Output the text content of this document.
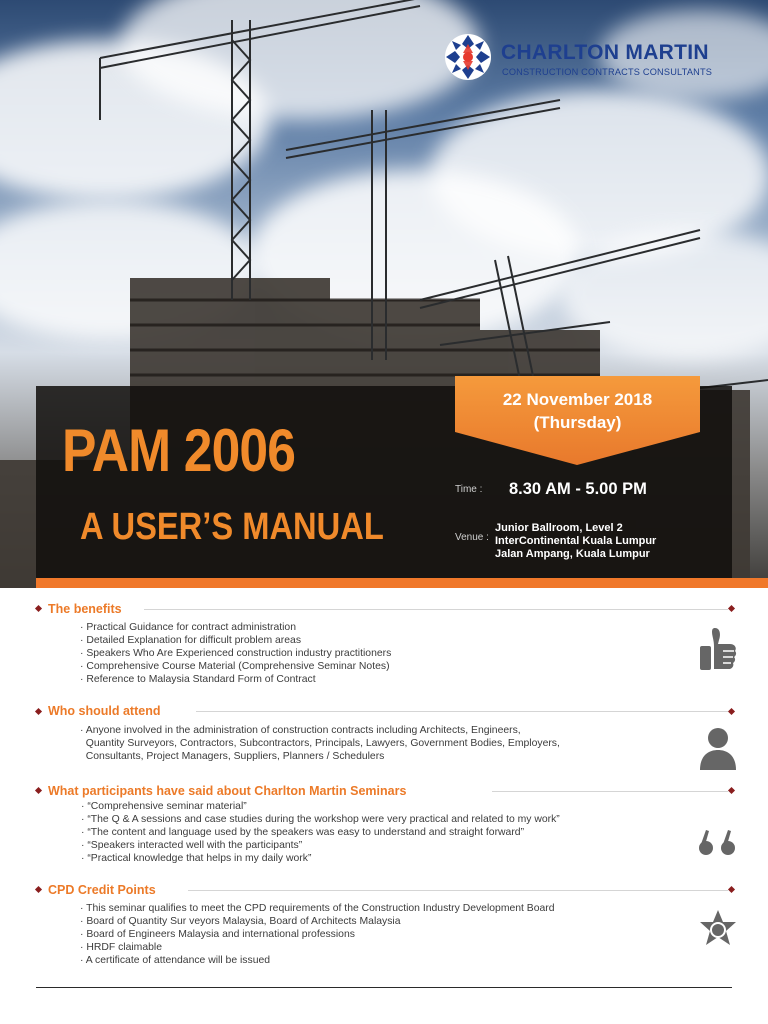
CHARLTON MARTIN
CONSTRUCTION CONTRACTS CONSULTANTS
PAM 2006
A USER’S MANUAL
22 November 2018
(Thursday)
Time : 8.30 AM - 5.00 PM
Venue :
Junior Ballroom, Level 2
InterContinental Kuala Lumpur
Jalan Ampang, Kuala Lumpur
The benefits
· Practical Guidance for contract administration
· Detailed Explanation for difficult problem areas
· Speakers Who Are Experienced construction industry practitioners
· Comprehensive Course Material (Comprehensive Seminar Notes)
· Reference to Malaysia Standard Form of Contract
Who should attend
· Anyone involved in the administration of construction contracts including Architects, Engineers,
Quantity Surveyors, Contractors, Subcontractors, Principals, Lawyers, Government Bodies, Employers,
Consultants, Project Managers, Suppliers, Planners / Schedulers
What participants have said about Charlton Martin Seminars
· “Comprehensive seminar material”
· “The Q & A sessions and case studies during the workshop were very practical and related to my work”
· “The content and language used by the speakers was easy to understand and straight forward”
· “Speakers interacted well with the participants”
· “Practical knowledge that helps in my daily work”
CPD Credit Points
· This seminar qualifies to meet the CPD requirements of the Construction Industry Development Board
· Board of Quantity Sur veyors Malaysia, Board of Architects Malaysia
· Board of Engineers Malaysia and international professions
· HRDF claimable
· A certificate of attendance will be issued
